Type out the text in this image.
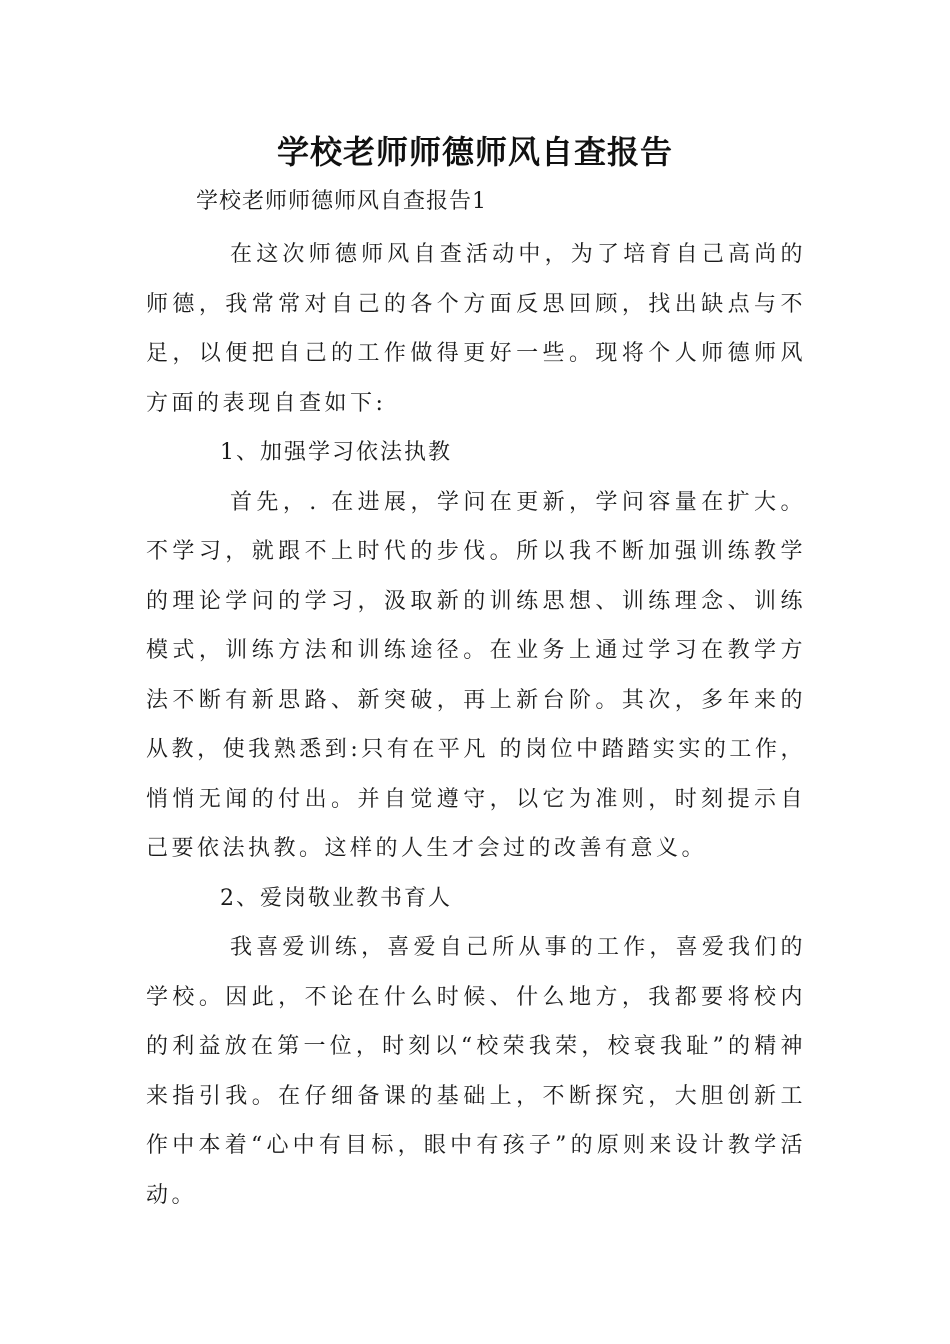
学校老师师德师风自查报告
学校老师师德师风自查报告1

在这次师德师风自查活动中，为了培育自己高尚的师德，我常常对自己的各个方面反思回顾，找出缺点与不足，以便把自己的工作做得更好一些。现将个人师德师风方面的表现自查如下:

1、加强学习依法执教

首先，. 在进展，学问在更新，学问容量在扩大。不学习，就跟不上时代的步伐。所以我不断加强训练教学的理论学问的学习，汲取新的训练思想、训练理念、训练模式，训练方法和训练途径。在业务上通过学习在教学方法不断有新思路、新突破，再上新台阶。其次，多年来的从教，使我熟悉到:只有在平凡 的岗位中踏踏实实的工作，悄悄无闻的付出。并自觉遵守，以它为准则，时刻提示自己要依法执教。这样的人生才会过的改善有意义。

2、爱岗敬业教书育人

我喜爱训练，喜爱自己所从事的工作，喜爱我们的学校。因此，不论在什么时候、什么地方，我都要将校内的利益放在第一位，时刻以“校荣我荣，校衰我耻”的精神来指引我。在仔细备课的基础上，不断探究，大胆创新工作中本着“心中有目标，眼中有孩子”的原则来设计教学活动。
